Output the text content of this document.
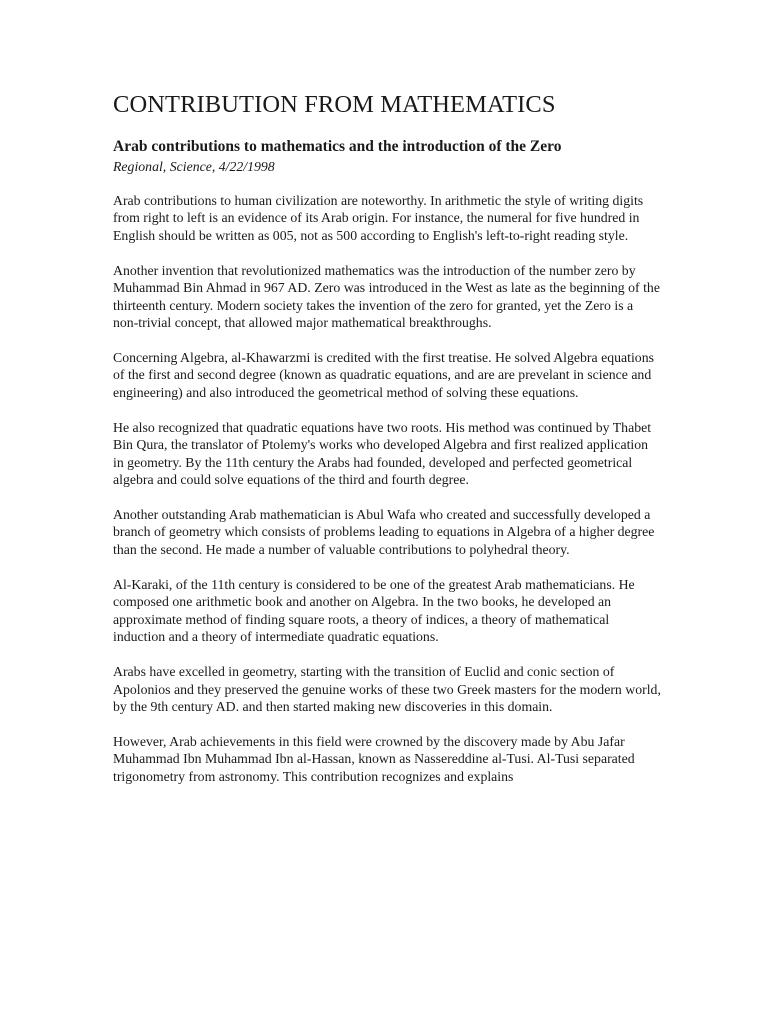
CONTRIBUTION FROM MATHEMATICS
Arab contributions to mathematics and the introduction of the Zero

Regional, Science, 4/22/1998

Arab contributions to human civilization are noteworthy. In arithmetic the style of writing digits from right to left is an evidence of its Arab origin. For instance, the numeral for five hundred in English should be written as 005, not as 500 according to English's left-to-right reading style.

Another invention that revolutionized mathematics was the introduction of the number zero by Muhammad Bin Ahmad in 967 AD. Zero was introduced in the West as late as the beginning of the thirteenth century. Modern society takes the invention of the zero for granted, yet the Zero is a non-trivial concept, that allowed major mathematical breakthroughs.

Concerning Algebra, al-Khawarzmi is credited with the first treatise. He solved Algebra equations of the first and second degree (known as quadratic equations, and are are prevelant in science and engineering) and also introduced the geometrical method of solving these equations.

He also recognized that quadratic equations have two roots. His method was continued by Thabet Bin Qura, the translator of Ptolemy's works who developed Algebra and first realized application in geometry. By the 11th century the Arabs had founded, developed and perfected geometrical algebra and could solve equations of the third and fourth degree.

Another outstanding Arab mathematician is Abul Wafa who created and successfully developed a branch of geometry which consists of problems leading to equations in Algebra of a higher degree than the second. He made a number of valuable contributions to polyhedral theory.

Al-Karaki, of the 11th century is considered to be one of the greatest Arab mathematicians. He composed one arithmetic book and another on Algebra. In the two books, he developed an approximate method of finding square roots, a theory of indices, a theory of mathematical induction and a theory of intermediate quadratic equations.

Arabs have excelled in geometry, starting with the transition of Euclid and conic section of Apolonios and they preserved the genuine works of these two Greek masters for the modern world, by the 9th century AD. and then started making new discoveries in this domain.

However, Arab achievements in this field were crowned by the discovery made by Abu Jafar Muhammad Ibn Muhammad Ibn al-Hassan, known as Nassereddine al-Tusi. Al-Tusi separated trigonometry from astronomy. This contribution recognizes and explains
